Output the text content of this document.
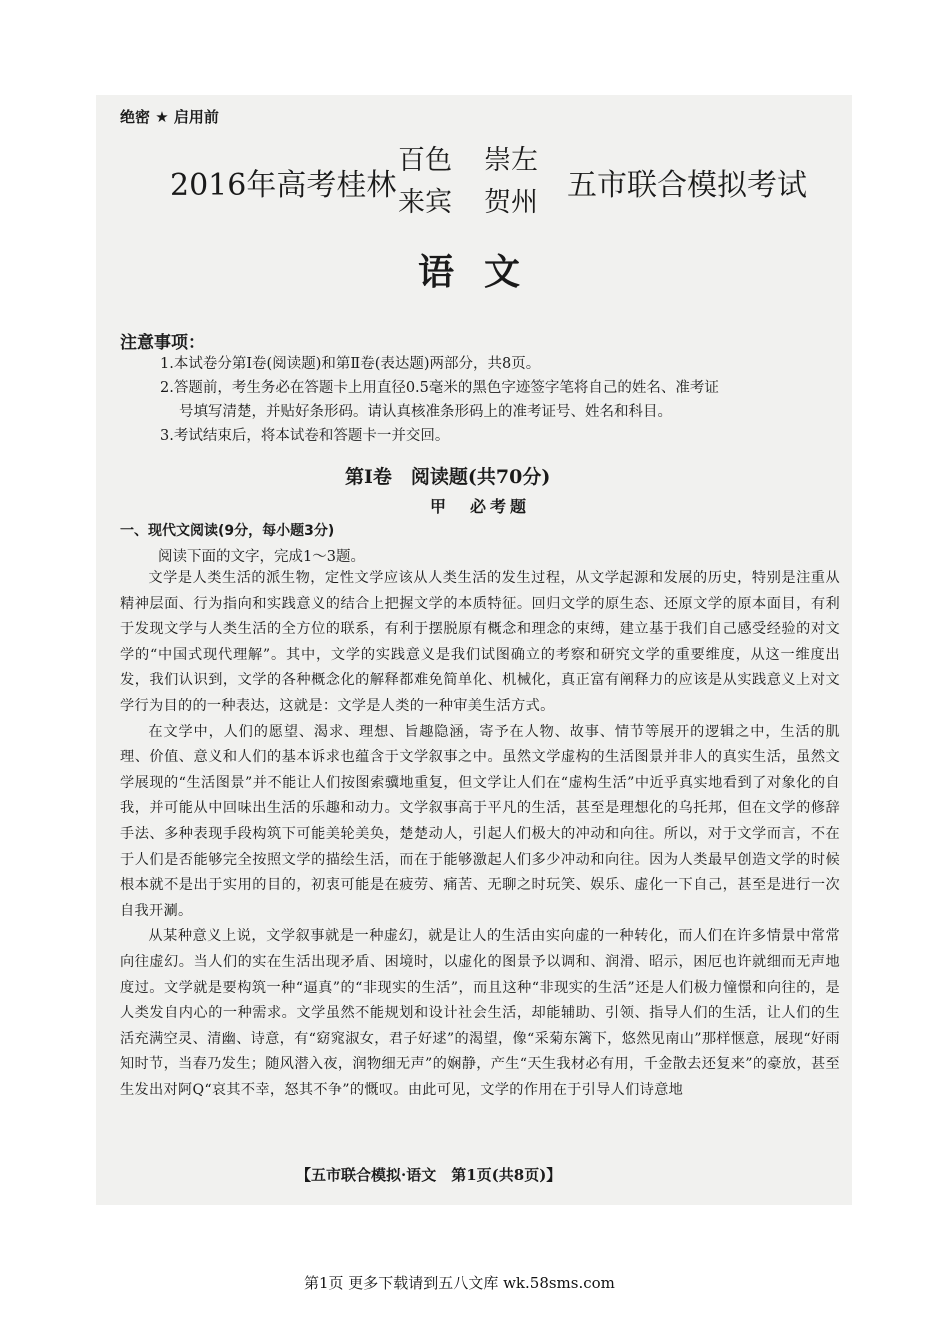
绝密 ★ 启用前
2016年高考桂林
百色 崇左
来宾 贺州 五市联合模拟考试
语文
注意事项：

1.本试卷分第Ⅰ卷(阅读题)和第Ⅱ卷(表达题)两部分，共8页。

2.答题前，考生务必在答题卡上用直径0.5毫米的黑色字迹签字笔将自己的姓名、准考证

号填写清楚，并贴好条形码。请认真核准条形码上的准考证号、姓名和科目。

3.考试结束后，将本试卷和答题卡一并交回。

第Ⅰ卷　阅读题(共70分)
甲　必考题
一、现代文阅读(9分，每小题3分)
阅读下面的文字，完成1～3题。

文学是人类生活的派生物，定性文学应该从人类生活的发生过程，从文学起源和发展的历史，特别是注重从精神层面、行为指向和实践意义的结合上把握文学的本质特征。回归文学的原生态、还原文学的原本面目，有利于发现文学与人类生活的全方位的联系，有利于摆脱原有概念和理念的束缚，建立基于我们自己感受经验的对文学的“中国式现代理解”。其中，文学的实践意义是我们试图确立的考察和研究文学的重要维度，从这一维度出发，我们认识到，文学的各种概念化的解释都难免简单化、机械化，真正富有阐释力的应该是从实践意义上对文学行为目的的一种表达，这就是：文学是人类的一种审美生活方式。

在文学中，人们的愿望、渴求、理想、旨趣隐涵，寄予在人物、故事、情节等展开的逻辑之中，生活的肌理、价值、意义和人们的基本诉求也蕴含于文学叙事之中。虽然文学虚构的生活图景并非人的真实生活，虽然文学展现的“生活图景”并不能让人们按图索骥地重复，但文学让人们在“虚构生活”中近乎真实地看到了对象化的自我，并可能从中回味出生活的乐趣和动力。文学叙事高于平凡的生活，甚至是理想化的乌托邦，但在文学的修辞手法、多种表现手段构筑下可能美轮美奂，楚楚动人，引起人们极大的冲动和向往。所以，对于文学而言，不在于人们是否能够完全按照文学的描绘生活，而在于能够激起人们多少冲动和向往。因为人类最早创造文学的时候根本就不是出于实用的目的，初衷可能是在疲劳、痛苦、无聊之时玩笑、娱乐、虚化一下自己，甚至是进行一次自我开涮。

从某种意义上说，文学叙事就是一种虚幻，就是让人的生活由实向虚的一种转化，而人们在许多情景中常常向往虚幻。当人们的实在生活出现矛盾、困境时，以虚化的图景予以调和、润滑、昭示，困厄也许就细而无声地度过。文学就是要构筑一种“逼真”的“非现实的生活”，而且这种“非现实的生活”还是人们极力憧憬和向往的，是人类发自内心的一种需求。文学虽然不能规划和设计社会生活，却能辅助、引领、指导人们的生活，让人们的生活充满空灵、清幽、诗意，有“窈窕淑女，君子好逑”的渴望，像“采菊东篱下，悠然见南山”那样惬意，展现“好雨知时节，当春乃发生；随风潜入夜，润物细无声”的娴静，产生“天生我材必有用，千金散去还复来”的豪放，甚至生发出对阿Q“哀其不幸，怒其不争”的慨叹。由此可见，文学的作用在于引导人们诗意地

【五市联合模拟·语文　第1页(共8页)】
第1页 更多下载请到五八文库 wk.58sms.com
